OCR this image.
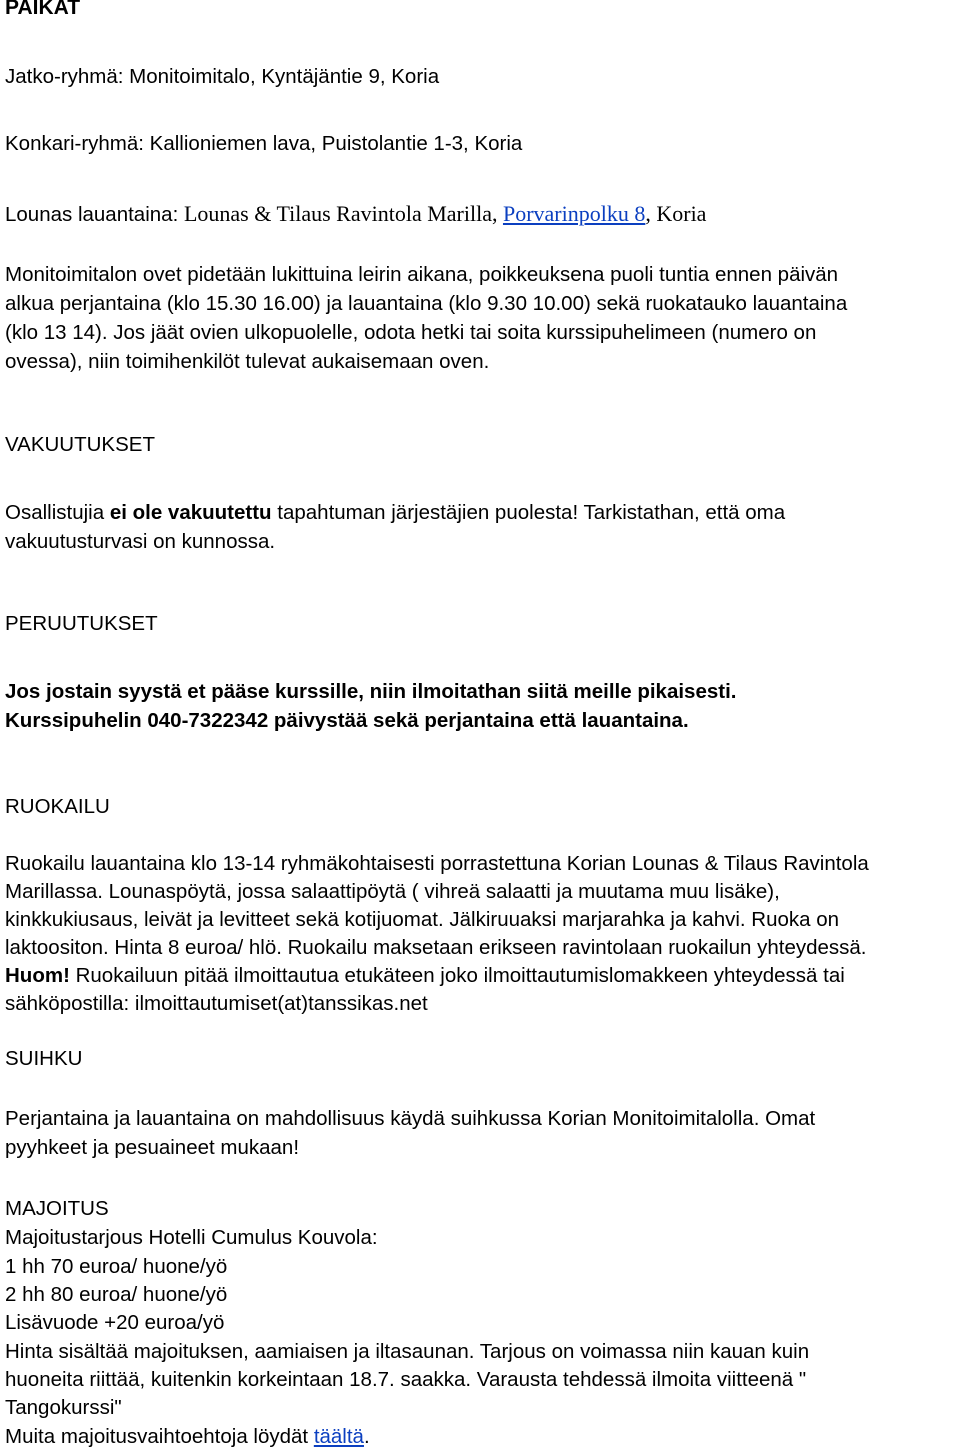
PAIKAT
Jatko-ryhmä: Monitoimitalo, Kyntäjäntie 9, Koria
Konkari-ryhmä: Kallioniemen lava, Puistolantie 1-3, Koria
Lounas lauantaina: Lounas & Tilaus Ravintola Marilla, Porvarinpolku 8, Koria
Monitoimitalon ovet pidetään lukittuina leirin aikana, poikkeuksena puoli tuntia ennen päivän
alkua perjantaina (klo 15.30 16.00) ja lauantaina (klo 9.30 10.00) sekä ruokatauko lauantaina
(klo 13 14). Jos jäät ovien ulkopuolelle, odota hetki tai soita kurssipuhelimeen (numero on
ovessa), niin toimihenkilöt tulevat aukaisemaan oven.
VAKUUTUKSET
Osallistujia ei ole vakuutettu tapahtuman järjestäjien puolesta! Tarkistathan, että oma
vakuutusturvasi on kunnossa.
PERUUTUKSET
Jos jostain syystä et pääse kurssille, niin ilmoitathan siitä meille pikaisesti.
Kurssipuhelin 040-7322342 päivystää sekä perjantaina että lauantaina.
RUOKAILU
Ruokailu lauantaina klo 13-14 ryhmäkohtaisesti porrastettuna Korian Lounas & Tilaus Ravintola
Marillassa. Lounaspöytä, jossa salaattipöytä ( vihreä salaatti ja muutama muu lisäke),
kinkkukiusaus, leivät ja levitteet sekä kotijuomat. Jälkiruuaksi marjarahka ja kahvi. Ruoka on
laktoositon. Hinta 8 euroa/ hlö. Ruokailu maksetaan erikseen ravintolaan ruokailun yhteydessä.
Huom! Ruokailuun pitää ilmoittautua etukäteen joko ilmoittautumislomakkeen yhteydessä tai
sähköpostilla: ilmoittautumiset(at)tanssikas.net
SUIHKU
Perjantaina ja lauantaina on mahdollisuus käydä suihkussa Korian Monitoimitalolla. Omat
pyyhkeet ja pesuaineet mukaan!
MAJOITUS
Majoitustarjous Hotelli Cumulus Kouvola:
1 hh 70 euroa/ huone/yö
2 hh 80 euroa/ huone/yö
Lisävuode +20 euroa/yö
Hinta sisältää majoituksen, aamiaisen ja iltasaunan. Tarjous on voimassa niin kauan kuin
huoneita riittää, kuitenkin korkeintaan 18.7. saakka. Varausta tehdessä ilmoita viitteenä "
Tangokurssi"
Muita majoitusvaihtoehtoja löydät täältä.
